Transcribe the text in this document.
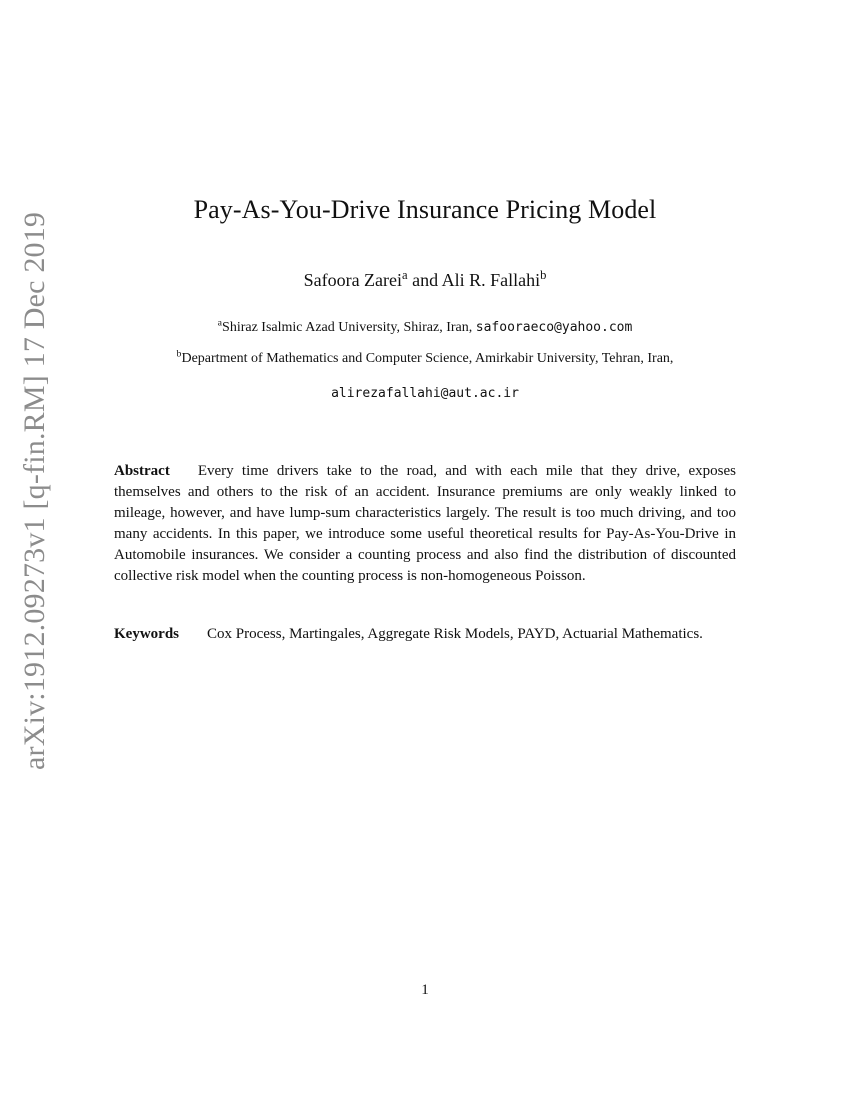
arXiv:1912.09273v1 [q-fin.RM] 17 Dec 2019
Pay-As-You-Drive Insurance Pricing Model
Safoora Zarei$^a$ and Ali R. Fallahi$^b$
$^a$Shiraz Isalmic Azad University, Shiraz, Iran, safooraeco@yahoo.com
$^b$Department of Mathematics and Computer Science, Amirkabir University, Tehran, Iran,
alirezafallahi@aut.ac.ir

Abstract Every time drivers take to the road, and with each mile that they drive, exposes themselves and others to the risk of an accident. Insurance premiums are only weakly linked to mileage, however, and have lump-sum characteristics largely. The result is too much driving, and too many accidents. In this paper, we introduce some useful theoretical results for Pay-As-You-Drive in Automobile insurances. We consider a counting process and also find the distribution of discounted collective risk model when the counting process is non-homogeneous Poisson.

Keywords Cox Process, Martingales, Aggregate Risk Models, PAYD, Actuarial Mathematics.

1
